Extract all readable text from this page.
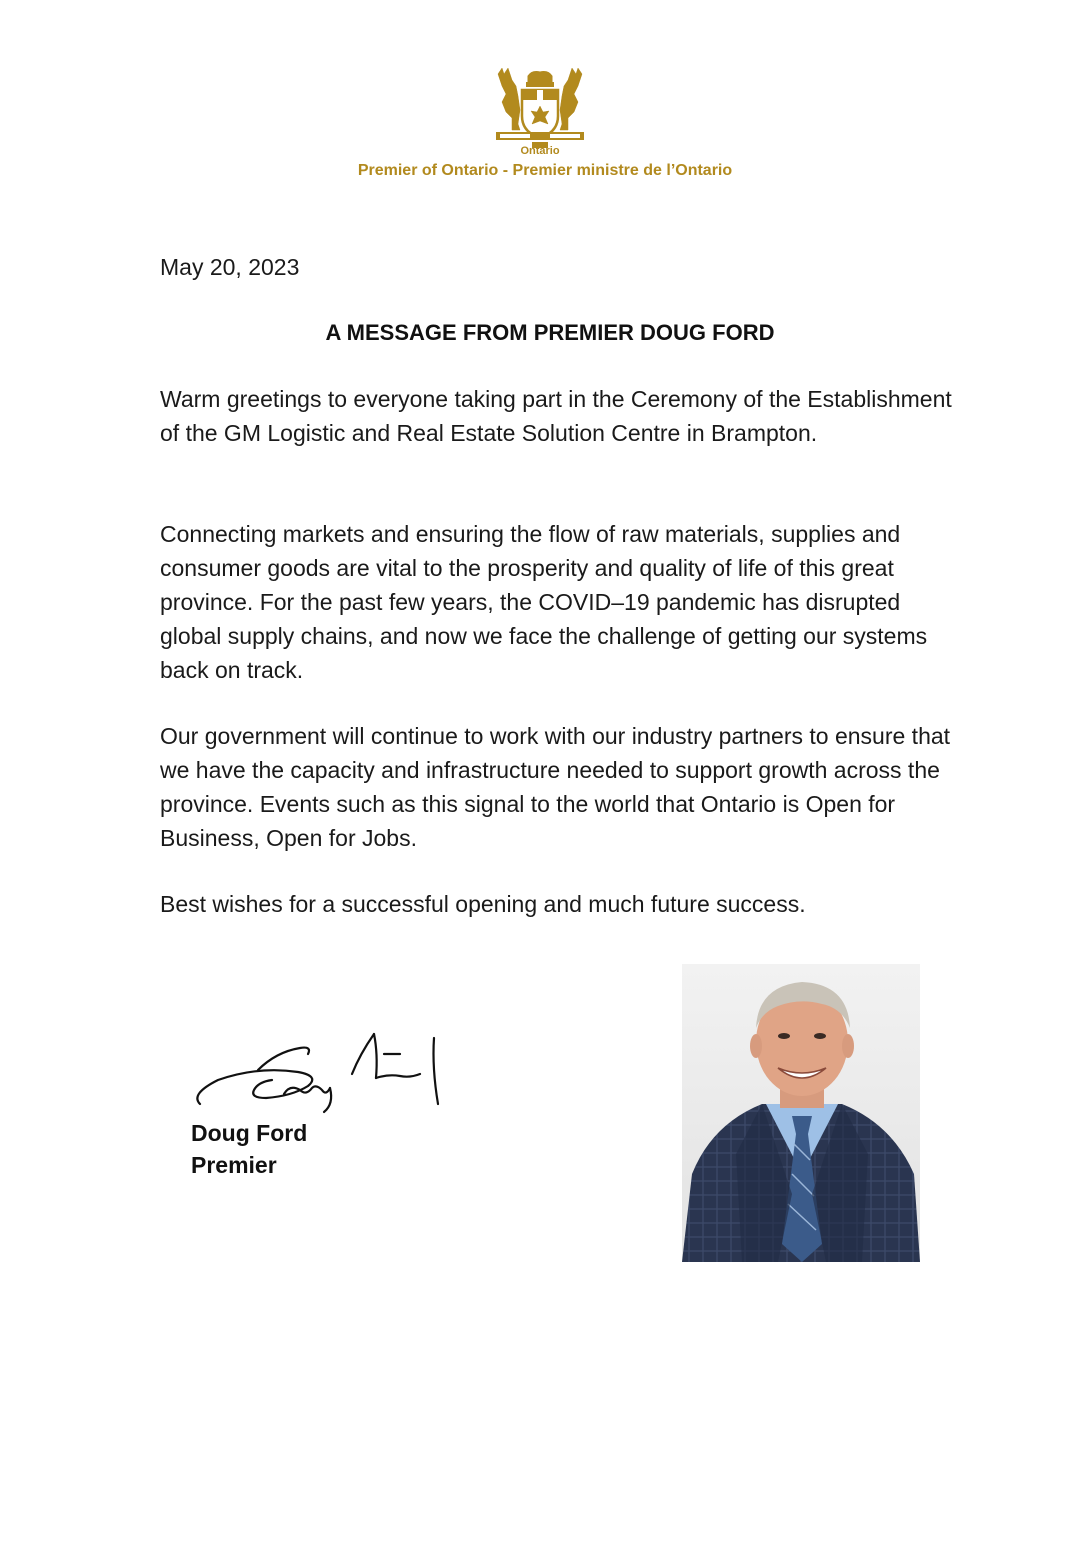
Ontario
Premier of Ontario - Premier ministre de l’Ontario
May 20, 2023
A MESSAGE FROM PREMIER DOUG FORD

Warm greetings to everyone taking part in the Ceremony of the Establishment of the GM Logistic and Real Estate Solution Centre in Brampton.

Connecting markets and ensuring the flow of raw materials, supplies and consumer goods are vital to the prosperity and quality of life of this great province. For the past few years, the COVID–19 pandemic has disrupted global supply chains, and now we face the challenge of getting our systems back on track.

Our government will continue to work with our industry partners to ensure that we have the capacity and infrastructure needed to support growth across the province. Events such as this signal to the world that Ontario is Open for Business, Open for Jobs.

Best wishes for a successful opening and much future success.

Doug Ford
Premier
